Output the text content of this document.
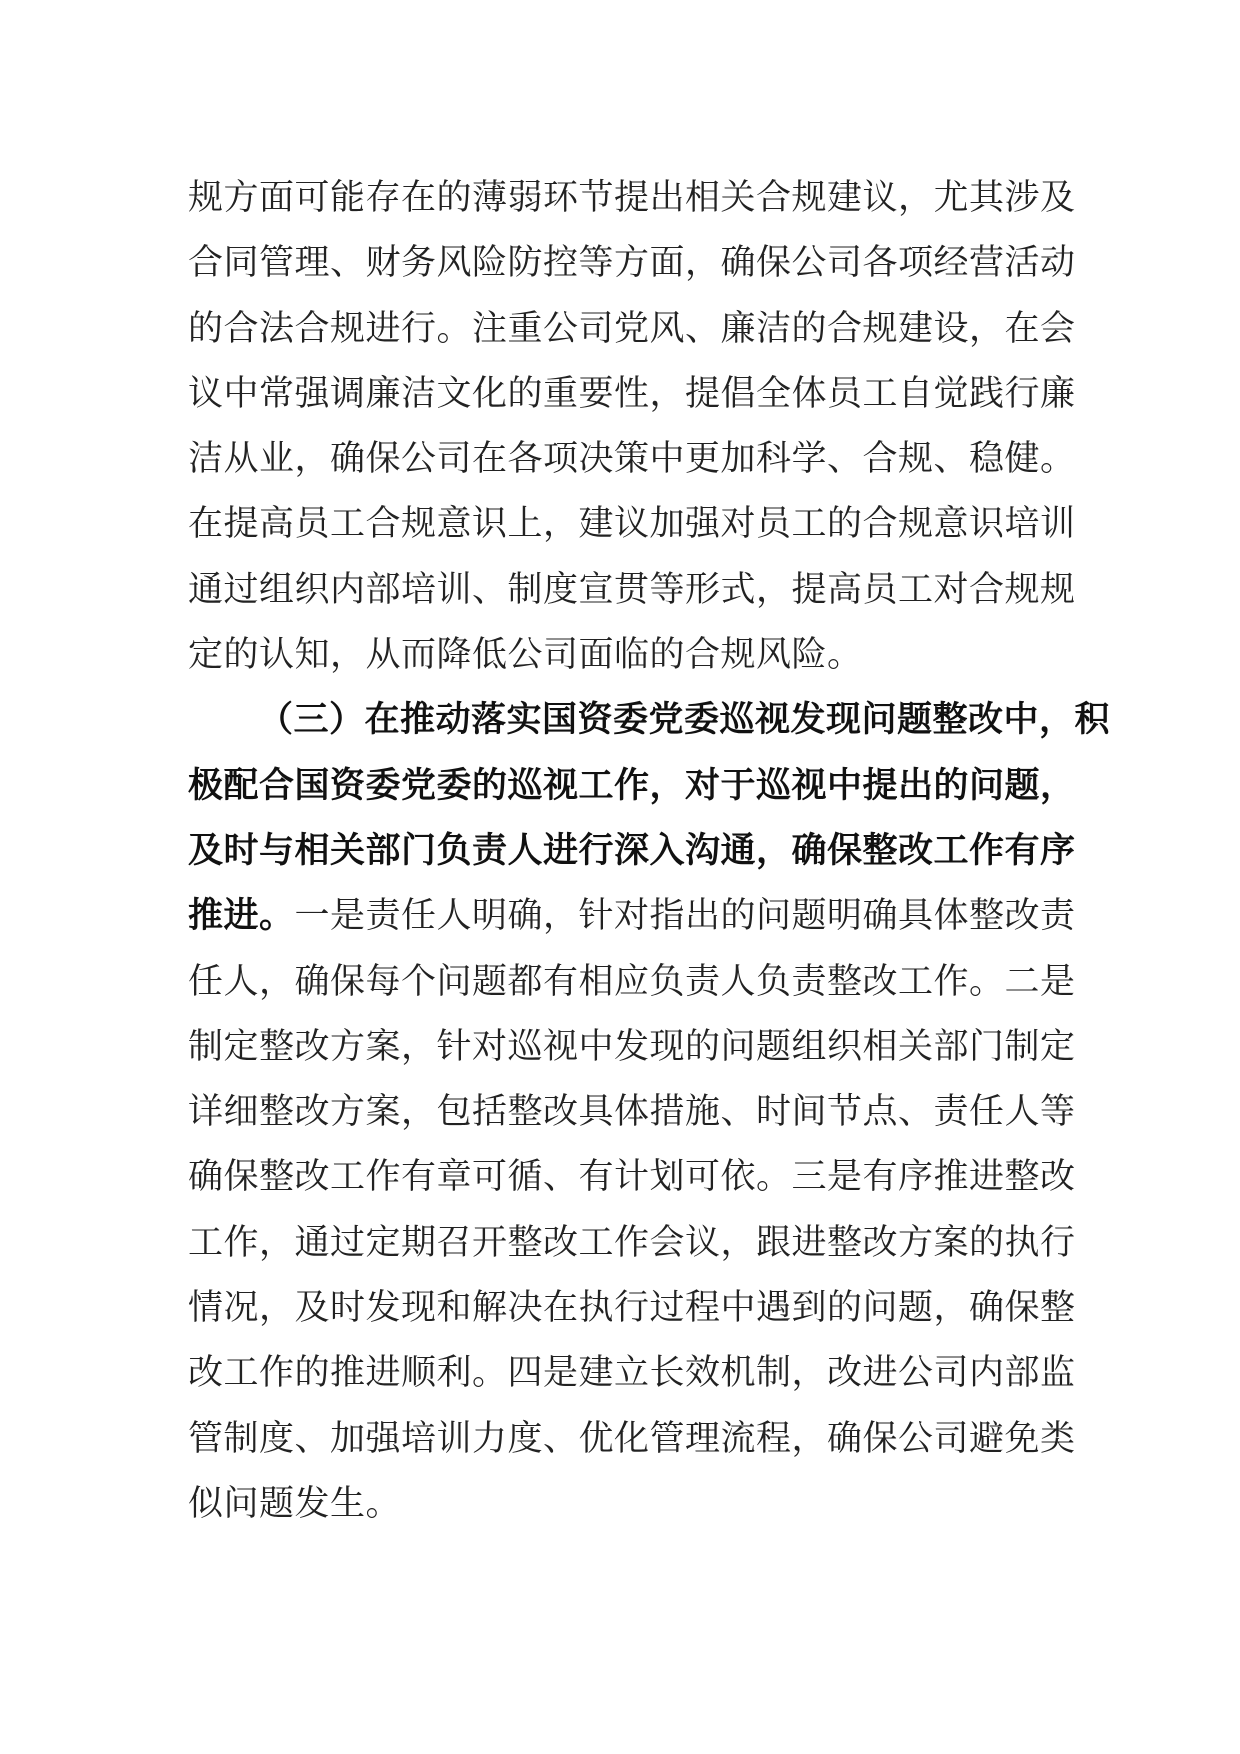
规方面可能存在的薄弱环节提出相关合规建议，尤其涉及
合同管理、财务风险防控等方面，确保公司各项经营活动
的合法合规进行。注重公司党风、廉洁的合规建设，在会
议中常强调廉洁文化的重要性，提倡全体员工自觉践行廉
洁从业，确保公司在各项决策中更加科学、合规、稳健。
在提高员工合规意识上，建议加强对员工的合规意识培训
通过组织内部培训、制度宣贯等形式，提高员工对合规规
定的认知，从而降低公司面临的合规风险。
（三）在推动落实国资委党委巡视发现问题整改中，积
极配合国资委党委的巡视工作，对于巡视中提出的问题，
及时与相关部门负责人进行深入沟通，确保整改工作有序
推进。一是责任人明确，针对指出的问题明确具体整改责
任人，确保每个问题都有相应负责人负责整改工作。二是
制定整改方案，针对巡视中发现的问题组织相关部门制定
详细整改方案，包括整改具体措施、时间节点、责任人等
确保整改工作有章可循、有计划可依。三是有序推进整改
工作，通过定期召开整改工作会议，跟进整改方案的执行
情况，及时发现和解决在执行过程中遇到的问题，确保整
改工作的推进顺利。四是建立长效机制，改进公司内部监
管制度、加强培训力度、优化管理流程，确保公司避免类
似问题发生。
